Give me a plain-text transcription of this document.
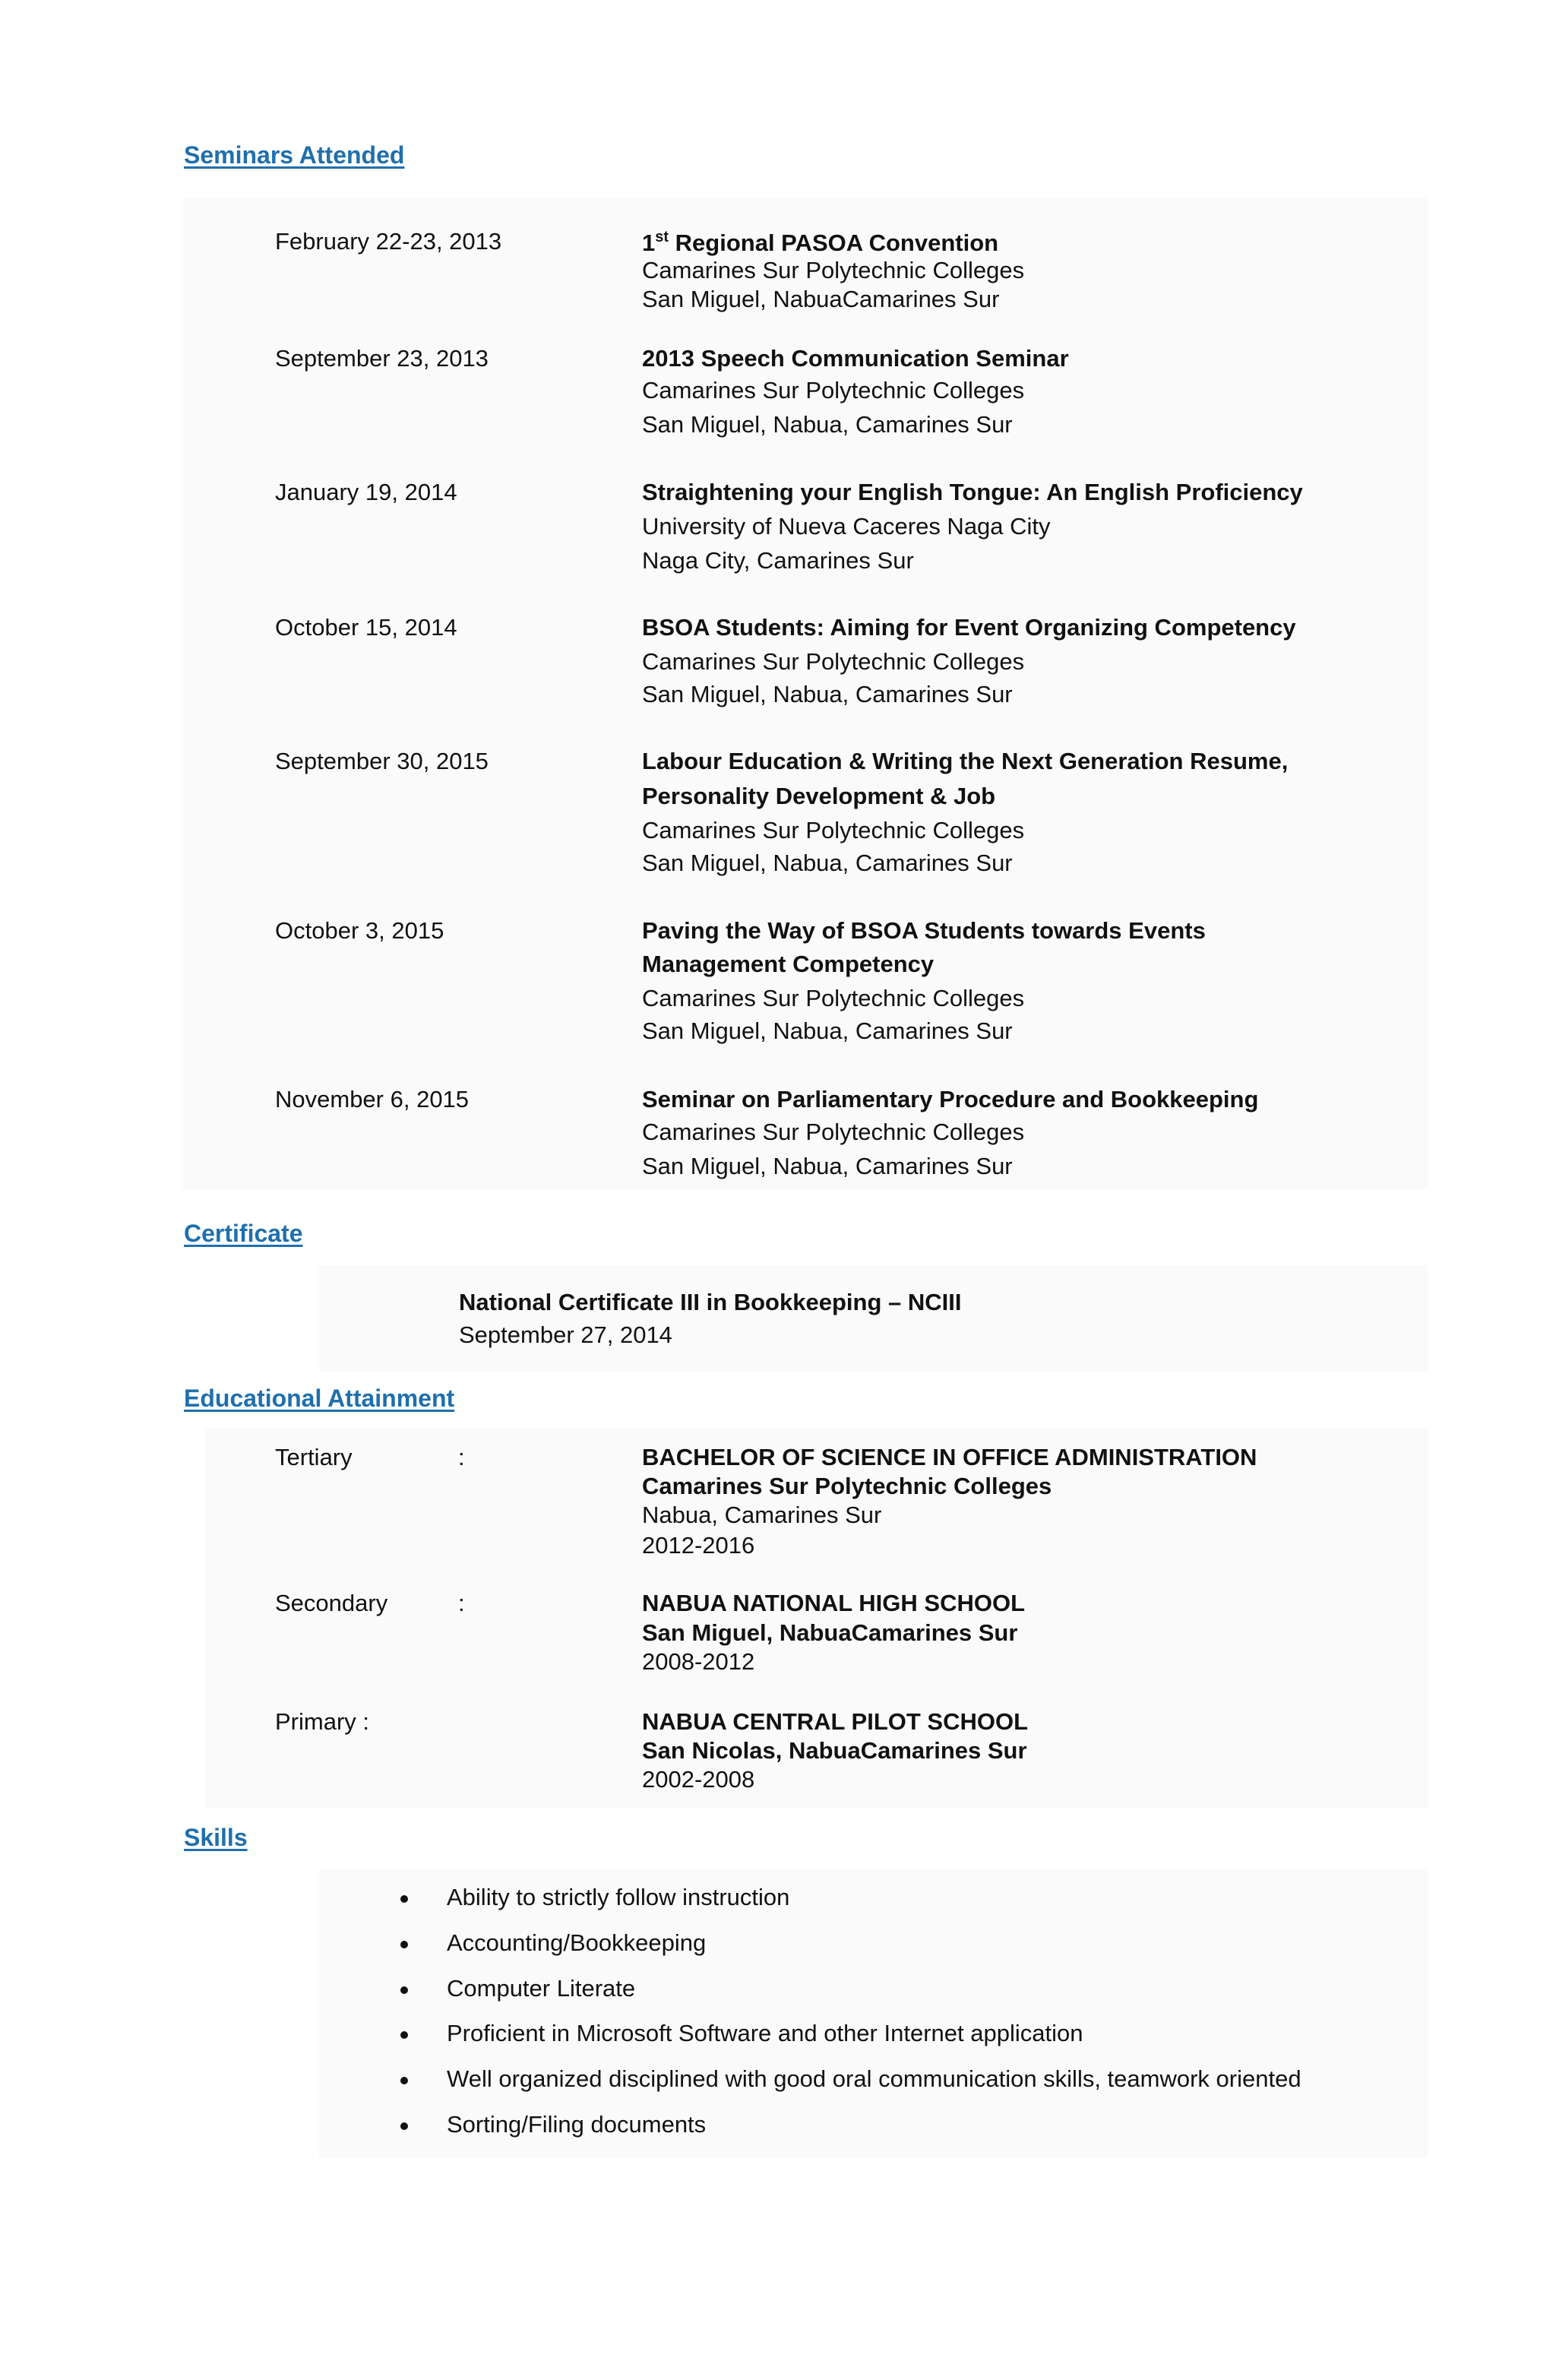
Seminars Attended
February 22-23, 2013	1st Regional PASOA Convention
Camarines Sur Polytechnic Colleges
San Miguel, NabuaCamarines Sur
September 23, 2013	2013 Speech Communication Seminar
Camarines Sur Polytechnic Colleges
San Miguel, Nabua, Camarines Sur
January 19, 2014	Straightening your English Tongue: An English Proficiency
University of Nueva Caceres Naga City
Naga City, Camarines Sur
October 15, 2014	BSOA Students: Aiming for Event Organizing Competency
Camarines Sur Polytechnic Colleges
San Miguel, Nabua, Camarines Sur
September 30, 2015	Labour Education & Writing the Next Generation Resume,
Personality Development & Job
Camarines Sur Polytechnic Colleges
San Miguel, Nabua, Camarines Sur
October 3, 2015	Paving the Way of BSOA Students towards Events
Management Competency
Camarines Sur Polytechnic Colleges
San Miguel, Nabua, Camarines Sur
November 6, 2015	Seminar on Parliamentary Procedure and Bookkeeping
Camarines Sur Polytechnic Colleges
San Miguel, Nabua, Camarines Sur
Certificate
National Certificate III in Bookkeeping – NCIII
September 27, 2014
Educational Attainment
Tertiary	:	BACHELOR OF SCIENCE IN OFFICE ADMINISTRATION
Camarines Sur Polytechnic Colleges
Nabua, Camarines Sur
2012-2016
Secondary	:	NABUA NATIONAL HIGH SCHOOL
San Miguel, NabuaCamarines Sur
2008-2012
Primary :	NABUA CENTRAL PILOT SCHOOL
San Nicolas, NabuaCamarines Sur
2002-2008
Skills
Ability to strictly follow instruction
Accounting/Bookkeeping
Computer Literate
Proficient in Microsoft Software and other Internet application
Well organized disciplined with good oral communication skills, teamwork oriented
Sorting/Filing documents
